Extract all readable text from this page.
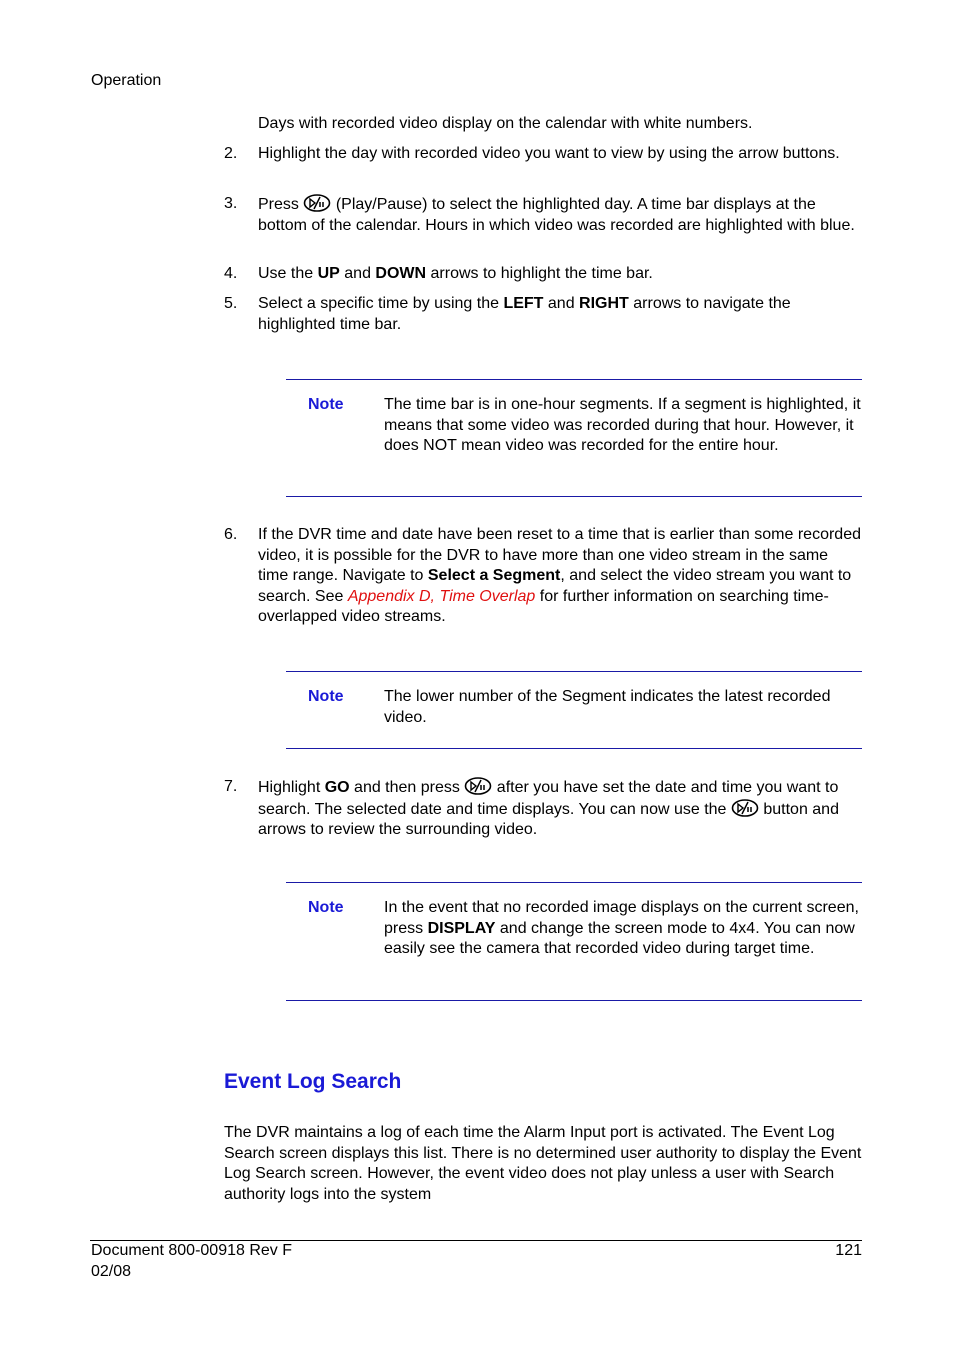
Operation
Days with recorded video display on the calendar with white numbers.
2. Highlight the day with recorded video you want to view by using the arrow buttons.
3. Press (Play/Pause) to select the highlighted day. A time bar displays at the bottom of the calendar. Hours in which video was recorded are highlighted with blue.
4. Use the UP and DOWN arrows to highlight the time bar.
5. Select a specific time by using the LEFT and RIGHT arrows to navigate the highlighted time bar.
Note	The time bar is in one-hour segments. If a segment is highlighted, it means that some video was recorded during that hour. However, it does NOT mean video was recorded for the entire hour.
6. If the DVR time and date have been reset to a time that is earlier than some recorded video, it is possible for the DVR to have more than one video stream in the same time range. Navigate to Select a Segment, and select the video stream you want to search. See Appendix D, Time Overlap for further information on searching time-overlapped video streams.
Note	The lower number of the Segment indicates the latest recorded video.
7. Highlight GO and then press  after you have set the date and time you want to search. The selected date and time displays. You can now use the  button and arrows to review the surrounding video.
Note	In the event that no recorded image displays on the current screen, press DISPLAY and change the screen mode to 4x4. You can now easily see the camera that recorded video during target time.
Event Log Search
The DVR maintains a log of each time the Alarm Input port is activated. The Event Log Search screen displays this list. There is no determined user authority to display the Event Log Search screen. However, the event video does not play unless a user with Search authority logs into the system
Document 800-00918 Rev F
02/08
121
